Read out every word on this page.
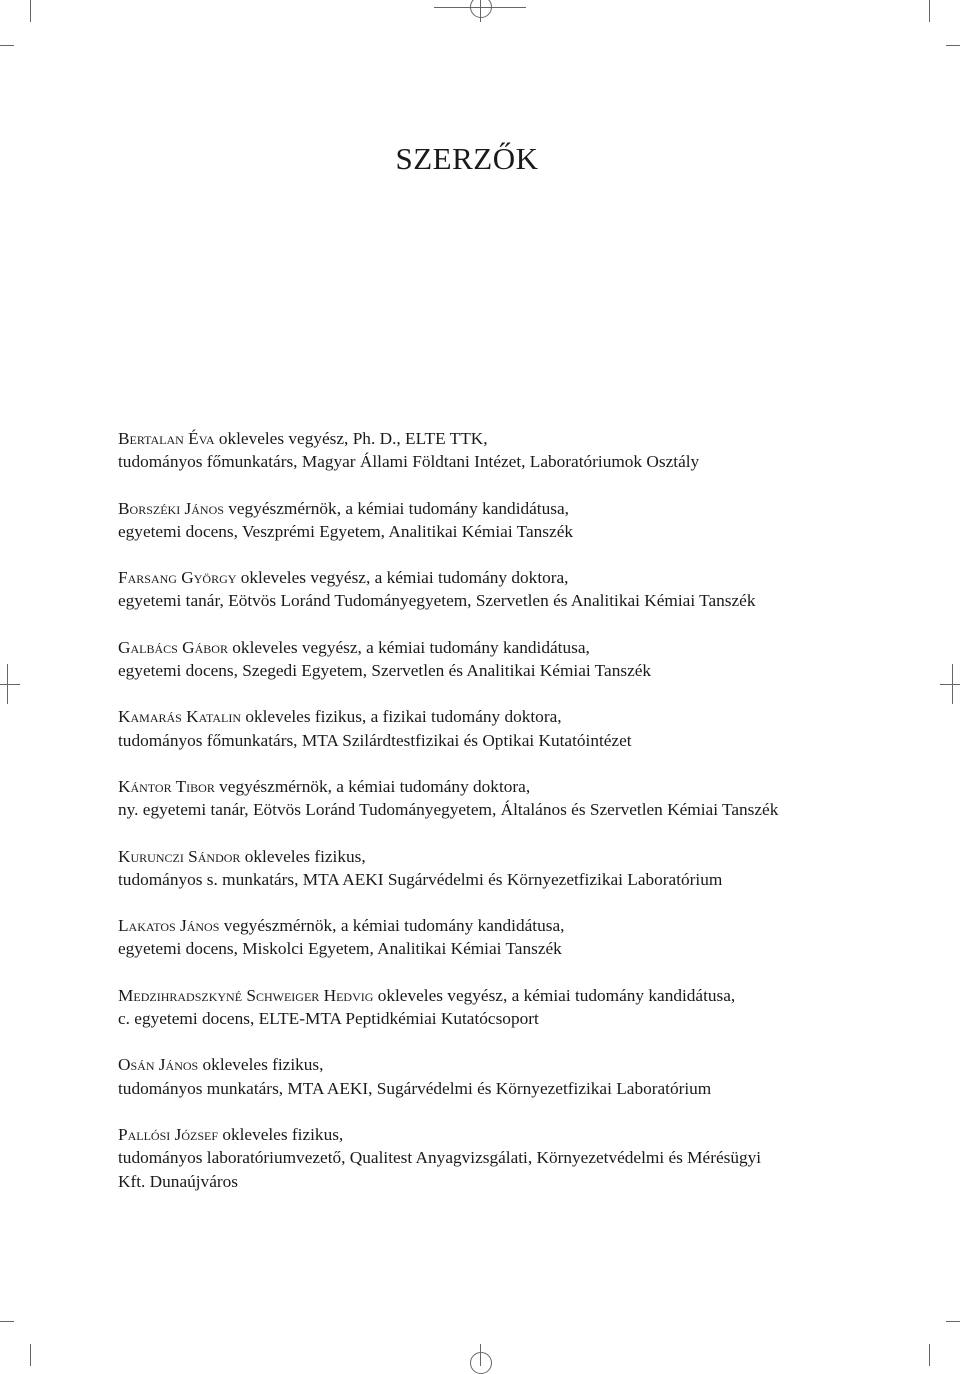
SZERZŐK

Bertalan Éva okleveles vegyész, Ph. D., ELTE TTK,

tudományos főmunkatárs, Magyar Állami Földtani Intézet, Laboratóriumok Osztály

Borszéki János vegyészmérnök, a kémiai tudomány kandidátusa,

egyetemi docens, Veszprémi Egyetem, Analitikai Kémiai Tanszék

Farsang György okleveles vegyész, a kémiai tudomány doktora,

egyetemi tanár, Eötvös Loránd Tudományegyetem, Szervetlen és Analitikai Kémiai Tanszék

Galbács Gábor okleveles vegyész, a kémiai tudomány kandidátusa,

egyetemi docens, Szegedi Egyetem, Szervetlen és Analitikai Kémiai Tanszék

Kamarás Katalin okleveles fizikus, a fizikai tudomány doktora,

tudományos főmunkatárs, MTA Szilárdtestfizikai és Optikai Kutatóintézet

Kántor Tibor vegyészmérnök, a kémiai tudomány doktora,

ny. egyetemi tanár, Eötvös Loránd Tudományegyetem, Általános és Szervetlen Kémiai Tanszék

Kurunczi Sándor okleveles fizikus,

tudományos s. munkatárs, MTA AEKI Sugárvédelmi és Környezetfizikai Laboratórium

Lakatos János vegyészmérnök, a kémiai tudomány kandidátusa,

egyetemi docens, Miskolci Egyetem, Analitikai Kémiai Tanszék

Medzihradszkyné Schweiger Hedvig okleveles vegyész, a kémiai tudomány kandidátusa,

c. egyetemi docens, ELTE-MTA Peptidkémiai Kutatócsoport

Osán János okleveles fizikus,

tudományos munkatárs, MTA AEKI, Sugárvédelmi és Környezetfizikai Laboratórium

Pallósi József okleveles fizikus,

tudományos laboratóriumvezető, Qualitest Anyagvizsgálati, Környezetvédelmi és Mérésügyi

Kft. Dunaújváros
